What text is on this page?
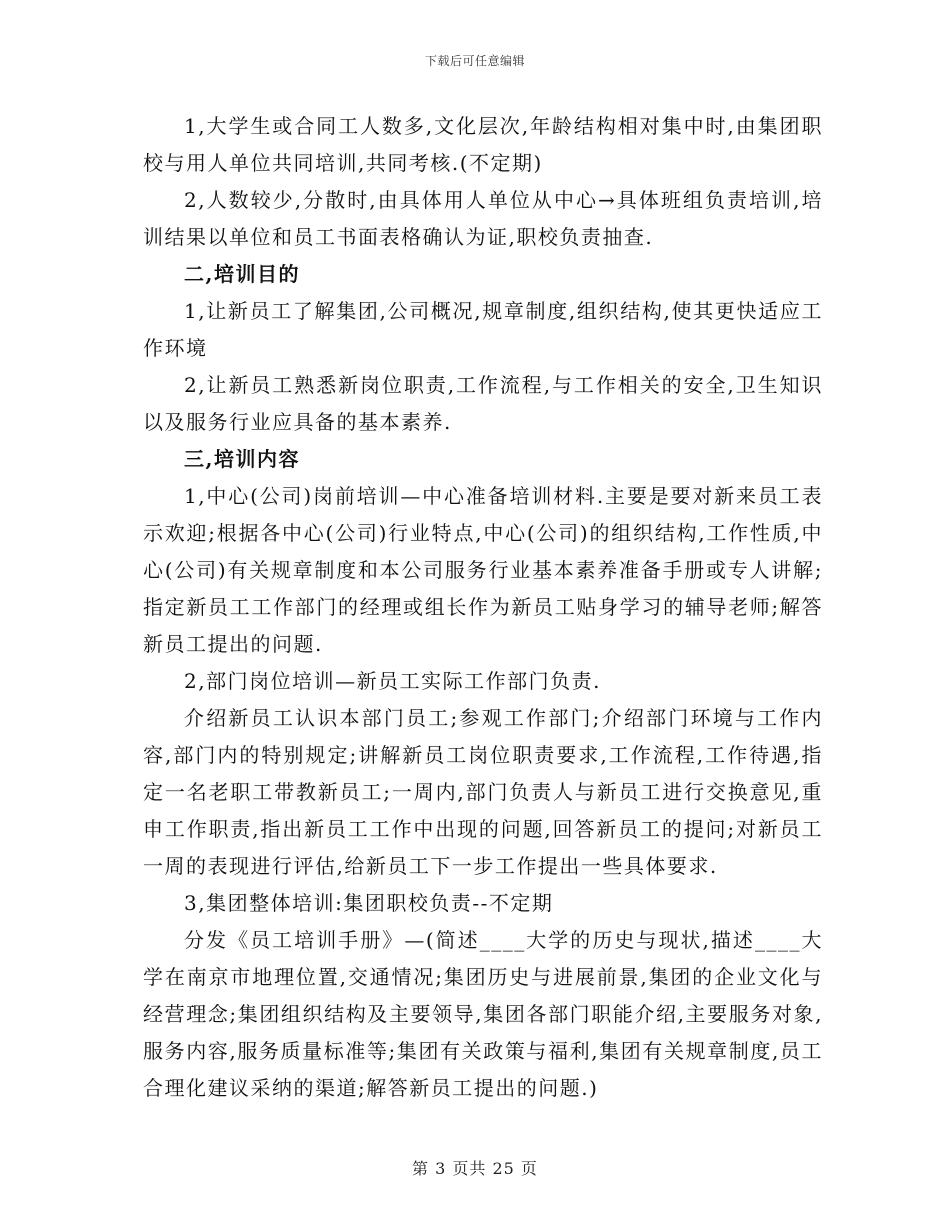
下载后可任意编辑

1,大学生或合同工人数多,文化层次,年龄结构相对集中时,由集团职校与用人单位共同培训,共同考核.(不定期)

2,人数较少,分散时,由具体用人单位从中心→具体班组负责培训,培训结果以单位和员工书面表格确认为证,职校负责抽查.

二,培训目的

1,让新员工了解集团,公司概况,规章制度,组织结构,使其更快适应工作环境

2,让新员工熟悉新岗位职责,工作流程,与工作相关的安全,卫生知识以及服务行业应具备的基本素养.

三,培训内容

1,中心(公司)岗前培训—中心准备培训材料.主要是要对新来员工表示欢迎;根据各中心(公司)行业特点,中心(公司)的组织结构,工作性质,中心(公司)有关规章制度和本公司服务行业基本素养准备手册或专人讲解;指定新员工工作部门的经理或组长作为新员工贴身学习的辅导老师;解答新员工提出的问题.

2,部门岗位培训—新员工实际工作部门负责.

介绍新员工认识本部门员工;参观工作部门;介绍部门环境与工作内容,部门内的特别规定;讲解新员工岗位职责要求,工作流程,工作待遇,指定一名老职工带教新员工;一周内,部门负责人与新员工进行交换意见,重申工作职责,指出新员工工作中出现的问题,回答新员工的提问;对新员工一周的表现进行评估,给新员工下一步工作提出一些具体要求.

3,集团整体培训:集团职校负责--不定期

分发《员工培训手册》—(简述____大学的历史与现状,描述____大学在南京市地理位置,交通情况;集团历史与进展前景,集团的企业文化与经营理念;集团组织结构及主要领导,集团各部门职能介绍,主要服务对象,服务内容,服务质量标准等;集团有关政策与福利,集团有关规章制度,员工合理化建议采纳的渠道;解答新员工提出的问题.)

第 3 页共 25 页
